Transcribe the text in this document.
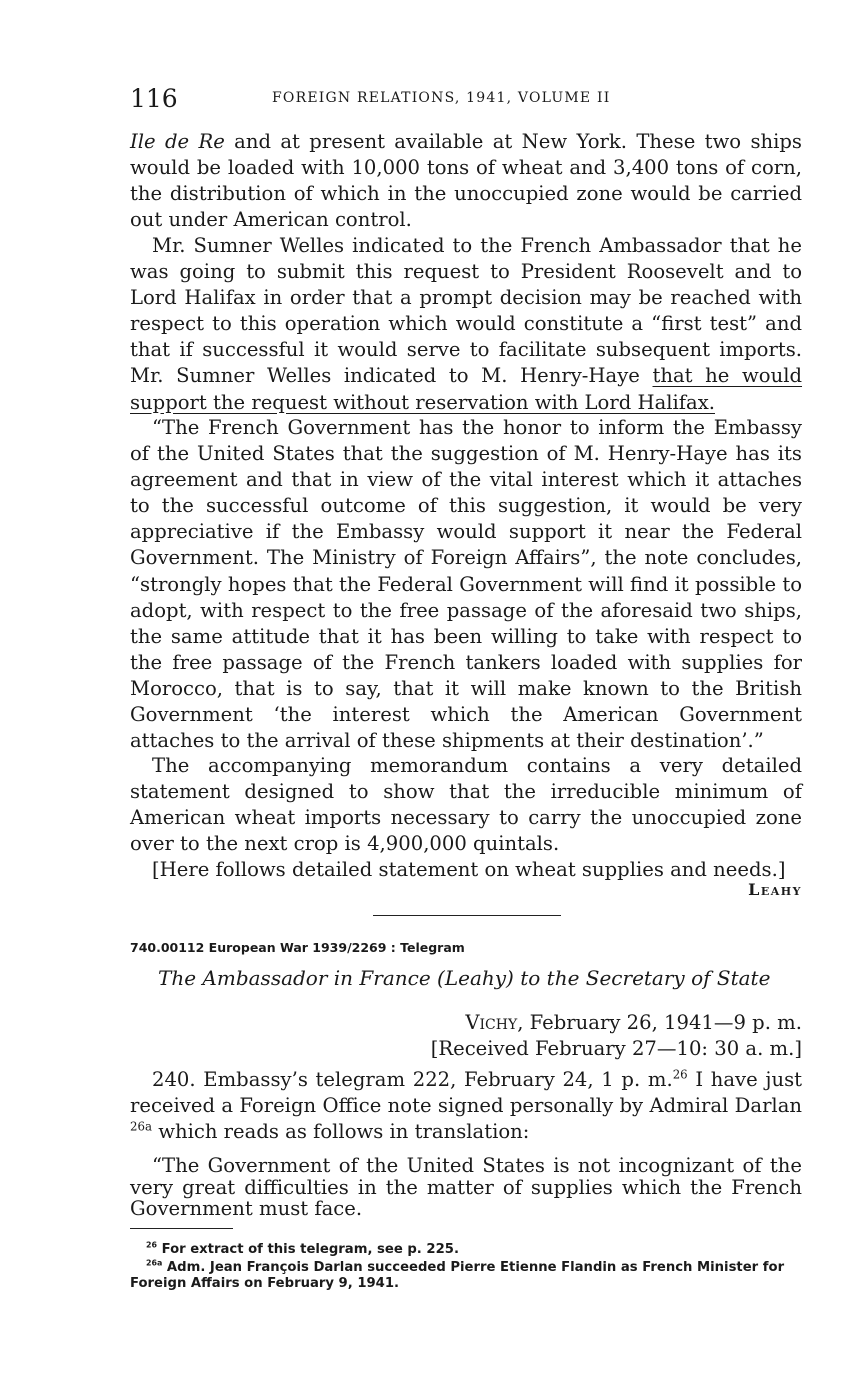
116	FOREIGN RELATIONS, 1941, VOLUME II
Ile de Re and at present available at New York. These two ships would be loaded with 10,000 tons of wheat and 3,400 tons of corn, the distribution of which in the unoccupied zone would be carried out under American control.
Mr. Sumner Welles indicated to the French Ambassador that he was going to submit this request to President Roosevelt and to Lord Halifax in order that a prompt decision may be reached with respect to this operation which would constitute a “first test” and that if successful it would serve to facilitate subsequent imports. Mr. Sumner Welles indicated to M. Henry-Haye that he would support the request without reservation with Lord Halifax.
“The French Government has the honor to inform the Embassy of the United States that the suggestion of M. Henry-Haye has its agreement and that in view of the vital interest which it attaches to the successful outcome of this suggestion, it would be very appreciative if the Embassy would support it near the Federal Government. The Ministry of Foreign Affairs”, the note concludes, “strongly hopes that the Federal Government will find it possible to adopt, with respect to the free passage of the aforesaid two ships, the same attitude that it has been willing to take with respect to the free passage of the French tankers loaded with supplies for Morocco, that is to say, that it will make known to the British Government ‘the interest which the American Government attaches to the arrival of these shipments at their destination’.”
The accompanying memorandum contains a very detailed statement designed to show that the irreducible minimum of American wheat imports necessary to carry the unoccupied zone over to the next crop is 4,900,000 quintals.
[Here follows detailed statement on wheat supplies and needs.]
Leahy
740.00112 European War 1939/2269 : Telegram
The Ambassador in France (Leahy) to the Secretary of State
Vichy, February 26, 1941—9 p. m.
[Received February 27—10: 30 a. m.]
240. Embassy’s telegram 222, February 24, 1 p. m.$^{26}$ I have just received a Foreign Office note signed personally by Admiral Darlan $^{26a}$ which reads as follows in translation:
“The Government of the United States is not incognizant of the very great difficulties in the matter of supplies which the French Government must face.
$^{26}$ For extract of this telegram, see p. 225.
$^{26a}$ Adm. Jean François Darlan succeeded Pierre Etienne Flandin as French Minister for Foreign Affairs on February 9, 1941.
